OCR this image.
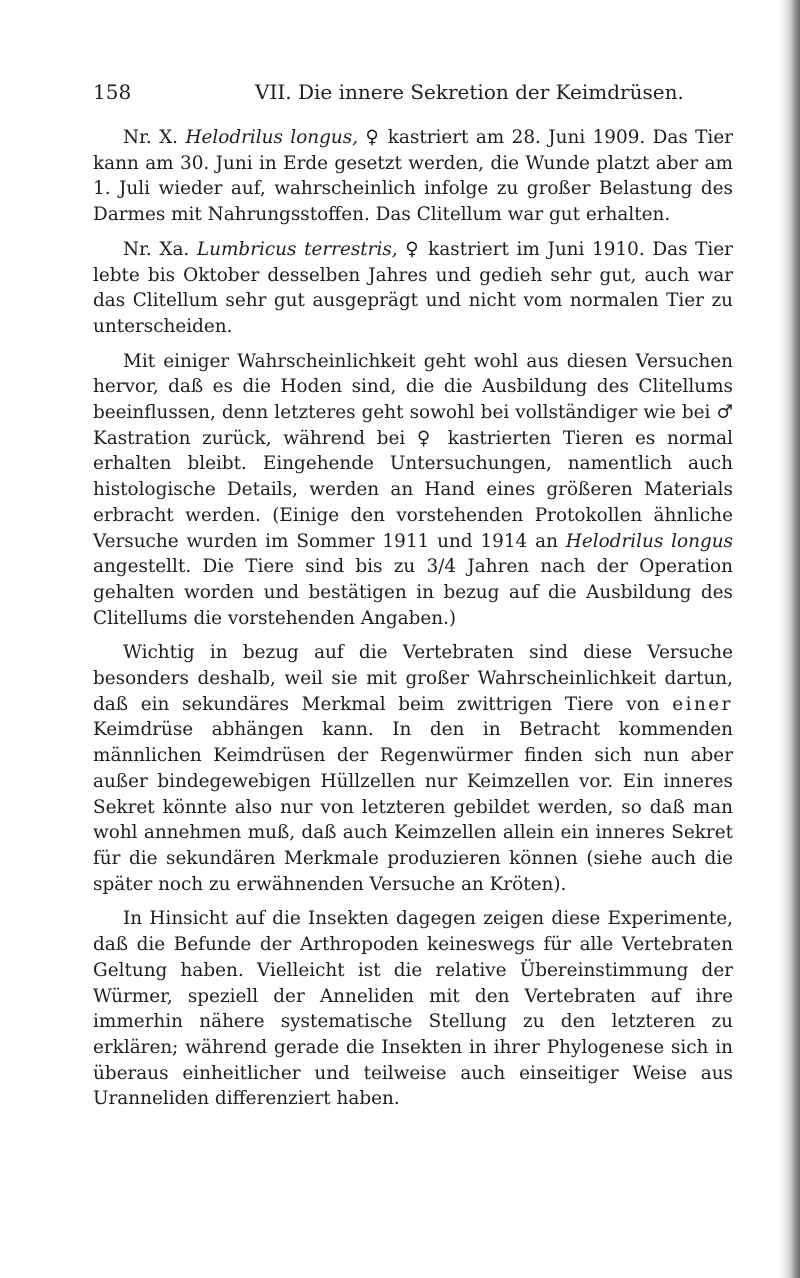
158	VII. Die innere Sekretion der Keimdrüsen.

Nr. X. Helodrilus longus, ♀ kastriert am 28. Juni 1909. Das Tier kann am 30. Juni in Erde gesetzt werden, die Wunde platzt aber am 1. Juli wieder auf, wahrscheinlich infolge zu großer Belastung des Darmes mit Nahrungsstoffen. Das Clitellum war gut erhalten.

Nr. Xa. Lumbricus terrestris, ♀ kastriert im Juni 1910. Das Tier lebte bis Oktober desselben Jahres und gedieh sehr gut, auch war das Clitellum sehr gut ausgeprägt und nicht vom normalen Tier zu unterscheiden.

Mit einiger Wahrscheinlichkeit geht wohl aus diesen Versuchen hervor, daß es die Hoden sind, die die Ausbildung des Clitellums beeinflussen, denn letzteres geht sowohl bei vollständiger wie bei ♂ Kastration zurück, während bei ♀ kastrierten Tieren es normal erhalten bleibt. Eingehende Untersuchungen, namentlich auch histologische Details, werden an Hand eines größeren Materials erbracht werden. (Einige den vorstehenden Protokollen ähnliche Versuche wurden im Sommer 1911 und 1914 an Helodrilus longus angestellt. Die Tiere sind bis zu 3/4 Jahren nach der Operation gehalten worden und bestätigen in bezug auf die Ausbildung des Clitellums die vorstehenden Angaben.)

Wichtig in bezug auf die Vertebraten sind diese Versuche besonders deshalb, weil sie mit großer Wahrscheinlichkeit dartun, daß ein sekundäres Merkmal beim zwittrigen Tiere von einer Keimdrüse abhängen kann. In den in Betracht kommenden männlichen Keimdrüsen der Regenwürmer finden sich nun aber außer bindegewebigen Hüllzellen nur Keimzellen vor. Ein inneres Sekret könnte also nur von letzteren gebildet werden, so daß man wohl annehmen muß, daß auch Keimzellen allein ein inneres Sekret für die sekundären Merkmale produzieren können (siehe auch die später noch zu erwähnenden Versuche an Kröten).

In Hinsicht auf die Insekten dagegen zeigen diese Experimente, daß die Befunde der Arthropoden keineswegs für alle Vertebraten Geltung haben. Vielleicht ist die relative Übereinstimmung der Würmer, speziell der Anneliden mit den Vertebraten auf ihre immerhin nähere systematische Stellung zu den letzteren zu erklären; während gerade die Insekten in ihrer Phylogenese sich in überaus einheitlicher und teilweise auch einseitiger Weise aus Uranneliden differenziert haben.
